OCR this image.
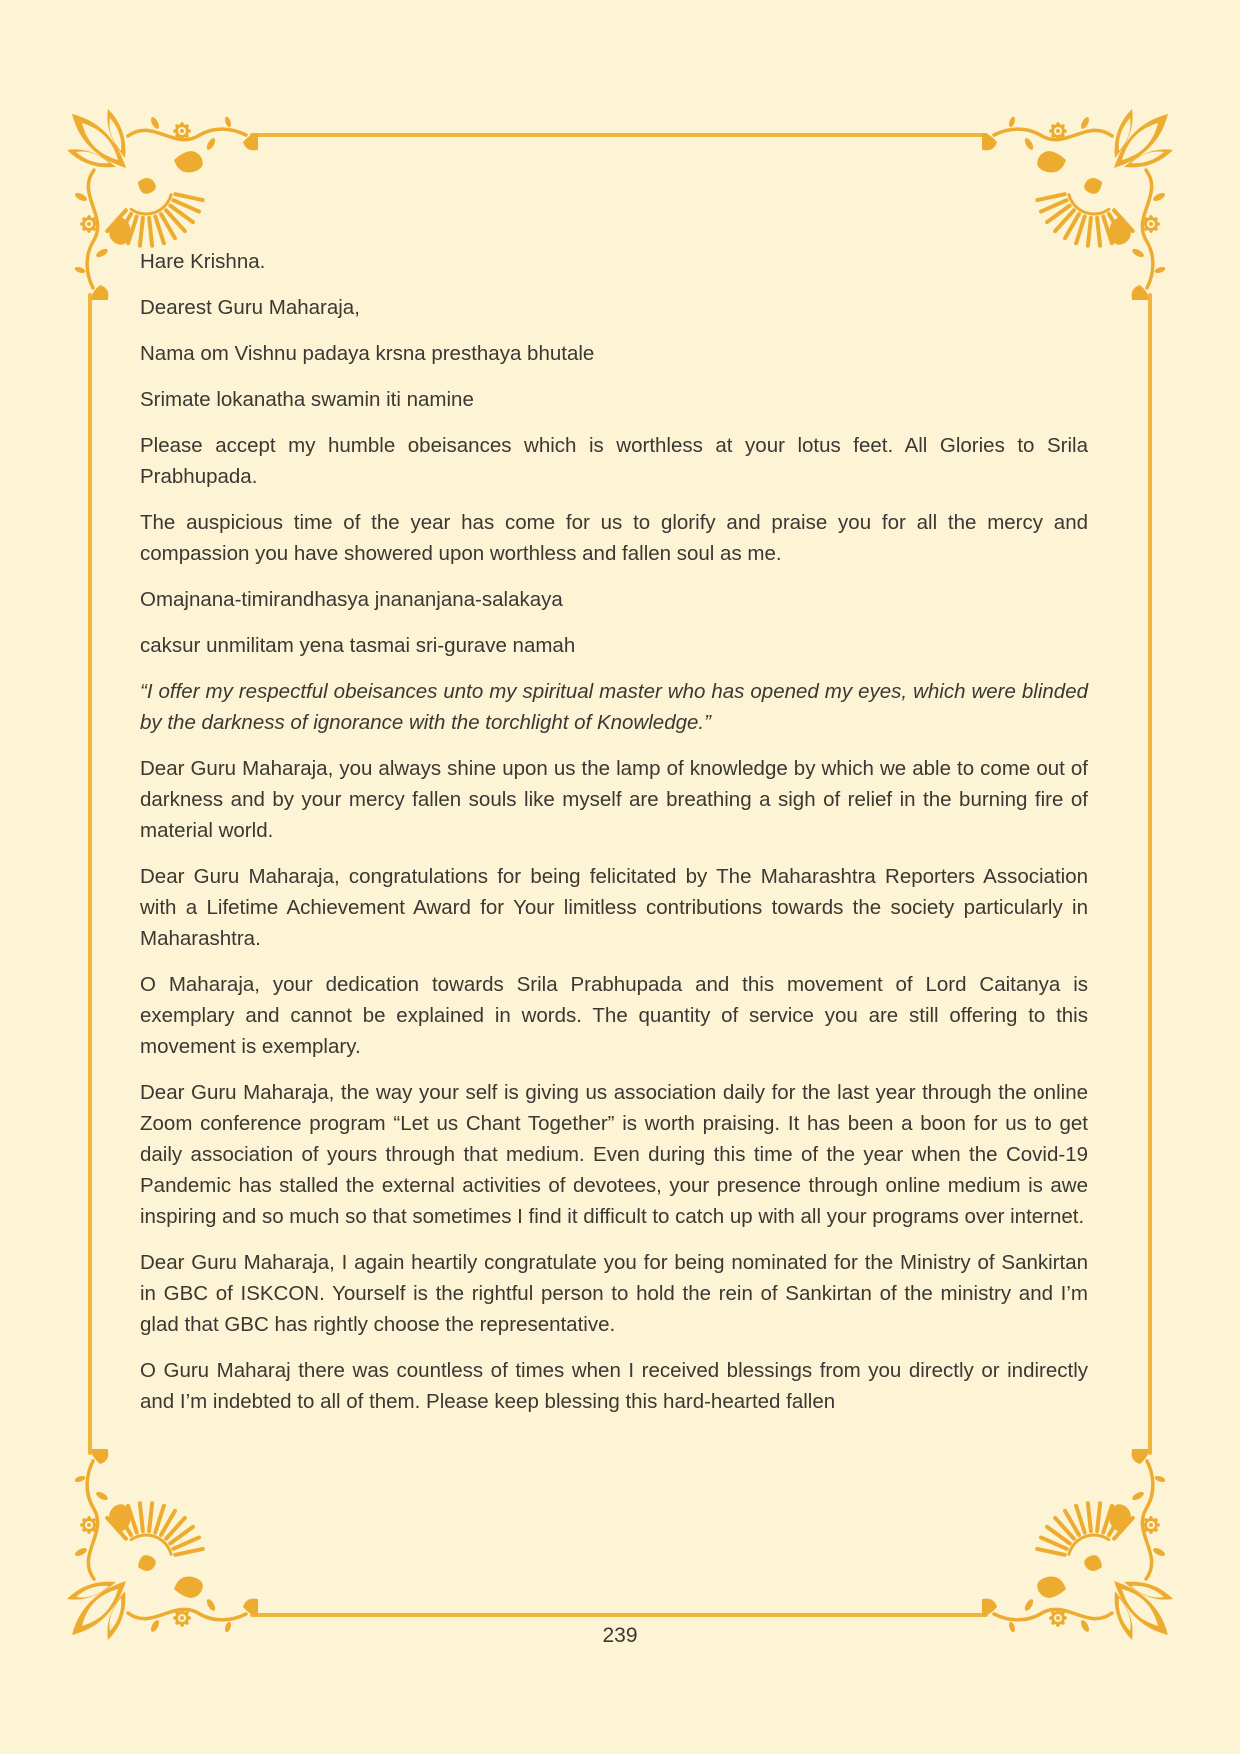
Hare Krishna.

Dearest Guru Maharaja,

Nama om Vishnu padaya krsna presthaya bhutale

Srimate lokanatha swamin iti namine

Please accept my humble obeisances which is worthless at your lotus feet. All Glories to Srila Prabhupada.

The auspicious time of the year has come for us to glorify and praise you for all the mercy and compassion you have showered upon worthless and fallen soul as me.

Omajnana-timirandhasya jnananjana-salakaya

caksur unmilitam yena tasmai sri-gurave namah

“I offer my respectful obeisances unto my spiritual master who has opened my eyes, which were blinded by the darkness of ignorance with the torchlight of Knowledge.”

Dear Guru Maharaja, you always shine upon us the lamp of knowledge by which we able to come out of darkness and by your mercy fallen souls like myself are breathing a sigh of relief in the burning fire of material world.

Dear Guru Maharaja, congratulations for being felicitated by The Maharashtra Reporters Association with a Lifetime Achievement Award for Your limitless contributions towards the society particularly in Maharashtra.

O Maharaja, your dedication towards Srila Prabhupada and this movement of Lord Caitanya is exemplary and cannot be explained in words. The quantity of service you are still offering to this movement is exemplary.

Dear Guru Maharaja, the way your self is giving us association daily for the last year through the online Zoom conference program “Let us Chant Together” is worth praising. It has been a boon for us to get daily association of yours through that medium. Even during this time of the year when the Covid-19 Pandemic has stalled the external activities of devotees, your presence through online medium is awe inspiring and so much so that sometimes I find it difficult to catch up with all your programs over internet.

Dear Guru Maharaja, I again heartily congratulate you for being nominated for the Ministry of Sankirtan in GBC of ISKCON. Yourself is the rightful person to hold the rein of Sankirtan of the ministry and I’m glad that GBC has rightly choose the representative.

O Guru Maharaj there was countless of times when I received blessings from you directly or indirectly and I’m indebted to all of them. Please keep blessing this hard-hearted fallen

239
